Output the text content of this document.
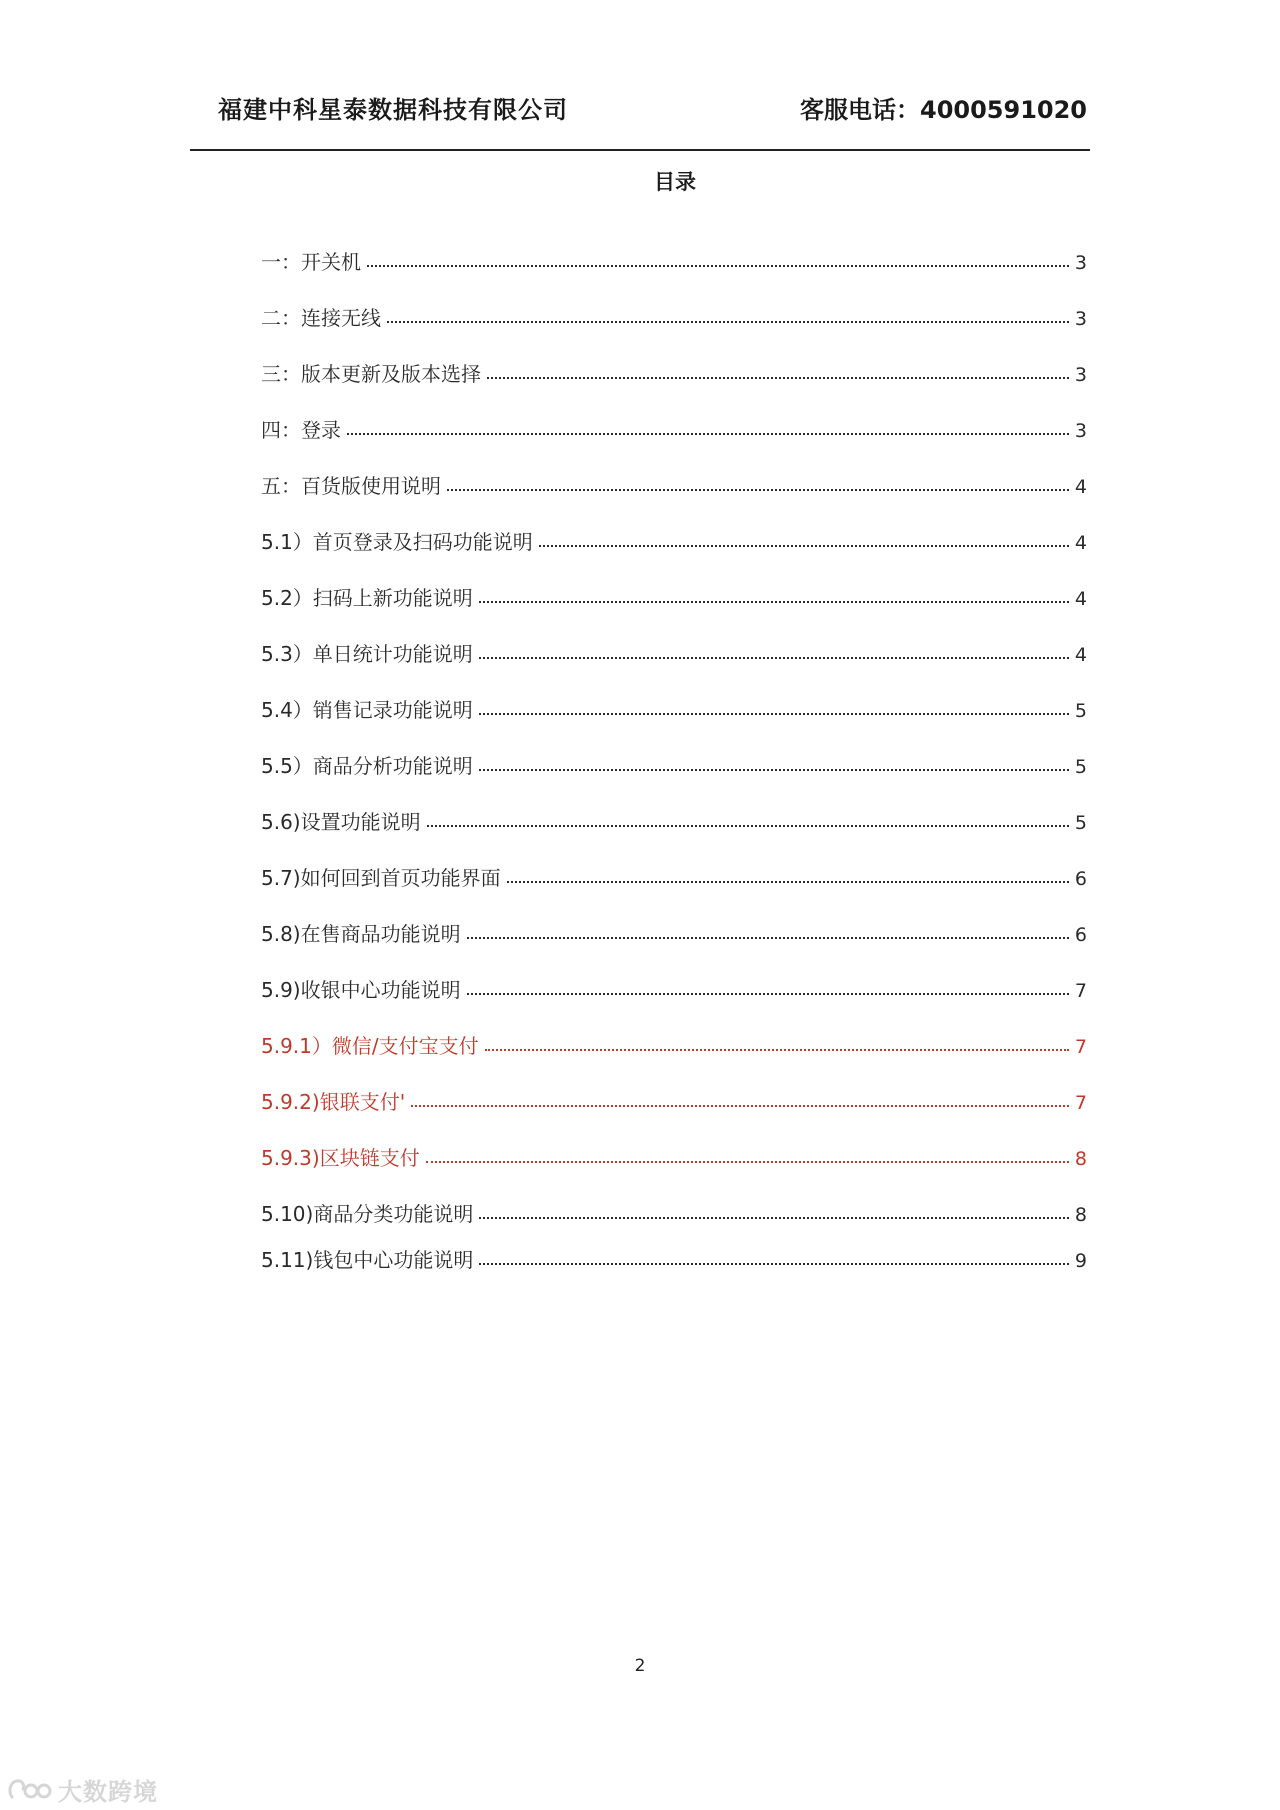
福建中科星泰数据科技有限公司	客服电话：4000591020
目录
一：开关机	3
二：连接无线	3
三：版本更新及版本选择	3
四：登录	3
五：百货版使用说明	4
5.1）首页登录及扫码功能说明	4
5.2）扫码上新功能说明	4
5.3）单日统计功能说明	4
5.4）销售记录功能说明	5
5.5）商品分析功能说明	5
5.6)设置功能说明	5
5.7)如何回到首页功能界面	6
5.8)在售商品功能说明	6
5.9)收银中心功能说明	7
5.9.1）微信/支付宝支付	7
5.9.2)银联支付'	7
5.9.3)区块链支付	8
5.10)商品分类功能说明	8
5.11)钱包中心功能说明	9
2
大数跨境
